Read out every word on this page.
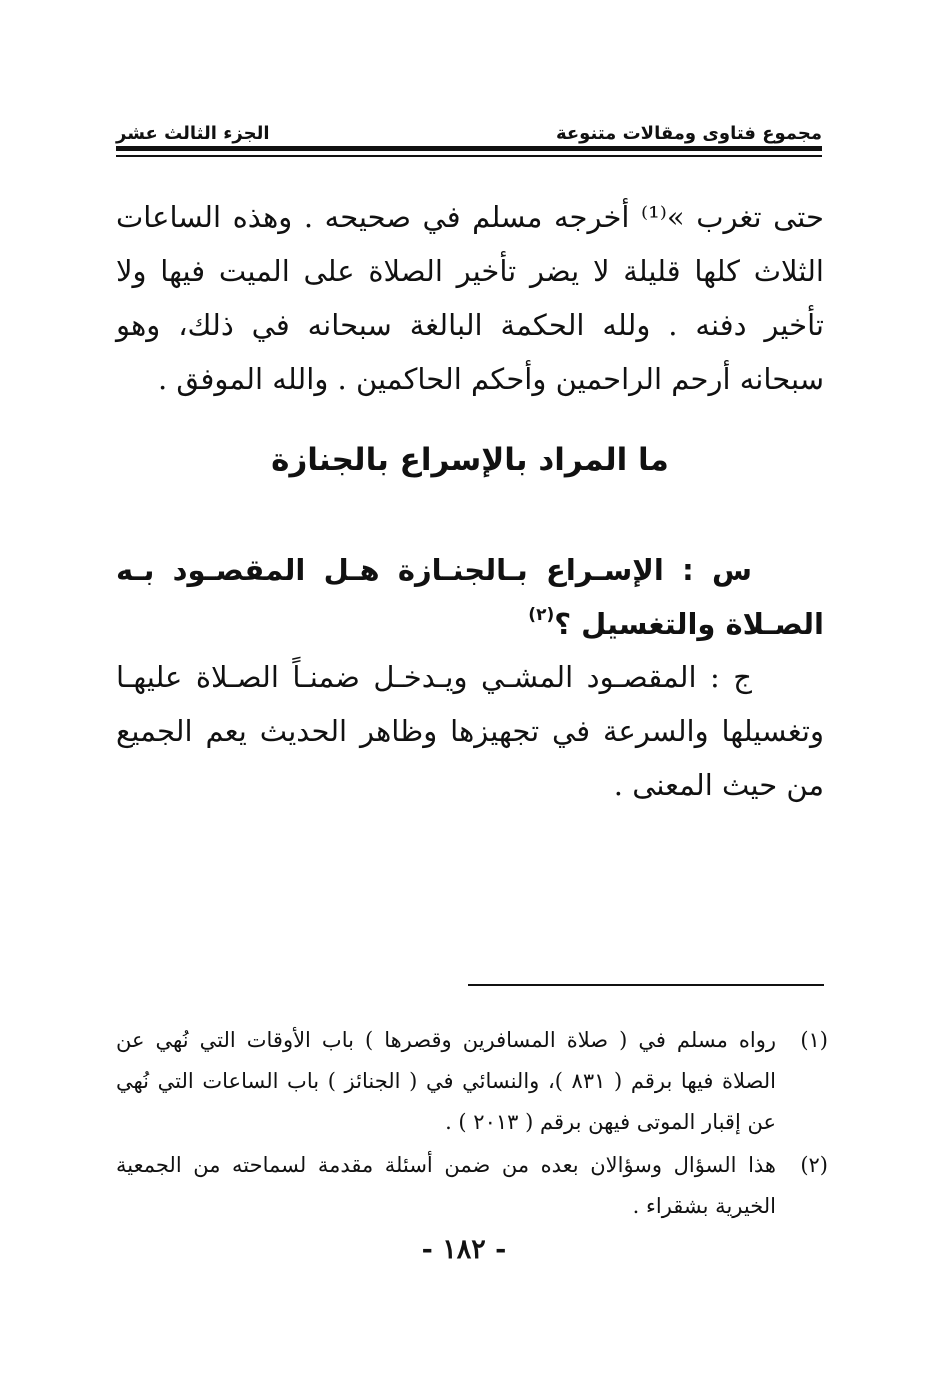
مجموع فتاوى ومقالات متنوعة
الجزء الثالث عشر

حتى تغرب »⁽¹⁾ أخرجه مسلم في صحيحه . وهذه الساعات الثلاث كلها قليلة لا يضر تأخير الصلاة على الميت فيها ولا تأخير دفنه . ولله الحكمة البالغة سبحانه في ذلك، وهو سبحانه أرحم الراحمين وأحكم الحاكمين . والله الموفق .

ما المراد بالإسراع بالجنازة

س : الإسـراع بـالجنـازة هـل المقصـود بـه الصـلاة والتغسيل ؟$^{(٢)}$

ج : المقصـود المشـي ويـدخـل ضمنـاً الصـلاة عليهـا وتغسيلها والسرعة في تجهيزها وظاهر الحديث يعم الجميع من حيث المعنى .

(١)
رواه مسلم في ( صلاة المسافرين وقصرها ) باب الأوقات التي نُهي عن الصلاة فيها برقم ( ٨٣١ )، والنسائي في ( الجنائز ) باب الساعات التي نُهي عن إقبار الموتى فيهن برقم ( ٢٠١٣ ) .
(٢)
هذا السؤال وسؤالان بعده من ضمن أسئلة مقدمة لسماحته من الجمعية الخيرية بشقراء .
- ١٨٢ -
